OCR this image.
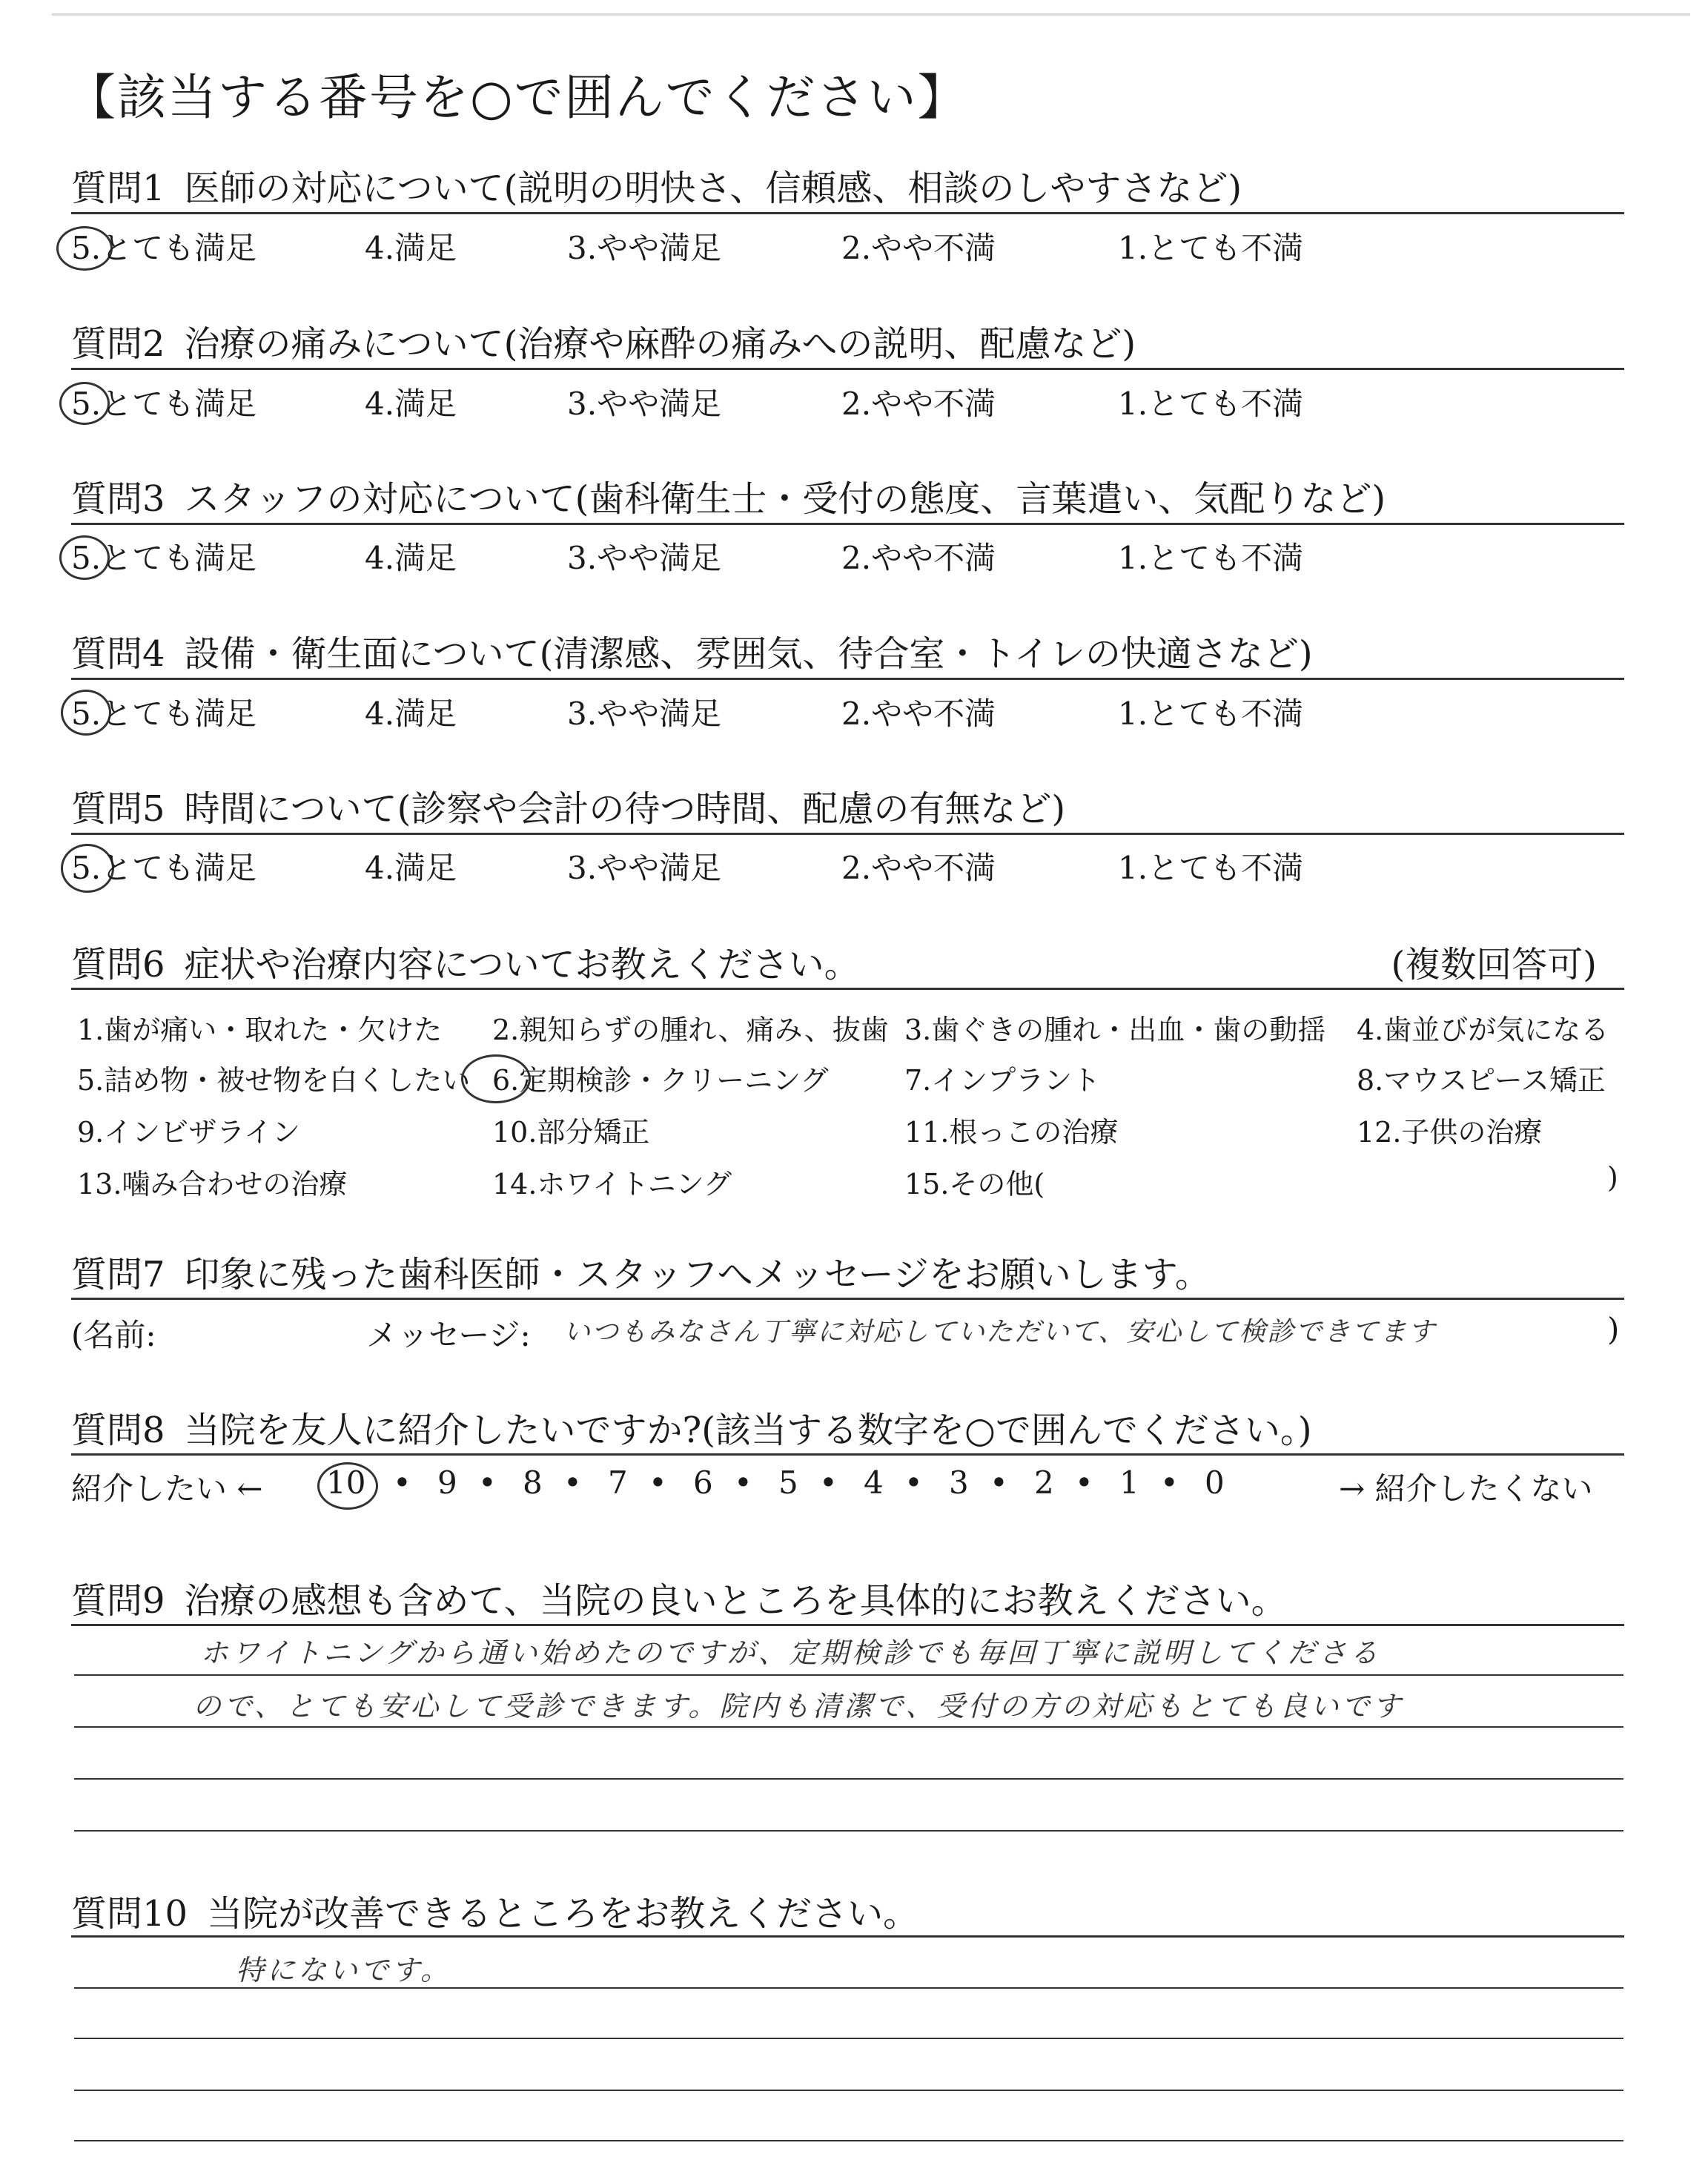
【該当する番号を○で囲んでください】
質問1 医師の対応について(説明の明快さ、信頼感、相談のしやすさなど)
5.とても満足	4.満足	3.やや満足	2.やや不満	1.とても不満
質問2 治療の痛みについて(治療や麻酔の痛みへの説明、配慮など)
5.とても満足	4.満足	3.やや満足	2.やや不満	1.とても不満
質問3 スタッフの対応について(歯科衛生士・受付の態度、言葉遣い、気配りなど)
5.とても満足	4.満足	3.やや満足	2.やや不満	1.とても不満
質問4 設備・衛生面について(清潔感、雰囲気、待合室・トイレの快適さなど)
5.とても満足	4.満足	3.やや満足	2.やや不満	1.とても不満
質問5 時間について(診察や会計の待つ時間、配慮の有無など)
5.とても満足	4.満足	3.やや満足	2.やや不満	1.とても不満
質問6 症状や治療内容についてお教えください。	(複数回答可)
1.歯が痛い・取れた・欠けた 2.親知らずの腫れ、痛み、抜歯 3.歯ぐきの腫れ・出血・歯の動揺 4.歯並びが気になる
5.詰め物・被せ物を白くしたい 6.定期検診・クリーニング	7.インプラント	8.マウスピース矯正
9.インビザライン	10.部分矯正	11.根っこの治療	12.子供の治療
13.噛み合わせの治療	14.ホワイトニング	15.その他(	)
質問7 印象に残った歯科医師・スタッフへメッセージをお願いします。
(名前:	メッセージ: いつもみなさん丁寧に対応していただいて、安心して検診できてます	)
質問8 当院を友人に紹介したいですか?(該当する数字を○で囲んでください。)
紹介したい ← 10 • 9 • 8 • 7 • 6 • 5 • 4 • 3 • 2 • 1 • 0	→ 紹介したくない
質問9 治療の感想も含めて、当院の良いところを具体的にお教えください。
ホワイトニングから通い始めたのですが、定期検診でも毎回丁寧に説明してくださる
ので、とても安心して受診できます。院内も清潔で、受付の方の対応もとても良いです
質問10 当院が改善できるところをお教えください。
特にないです。
